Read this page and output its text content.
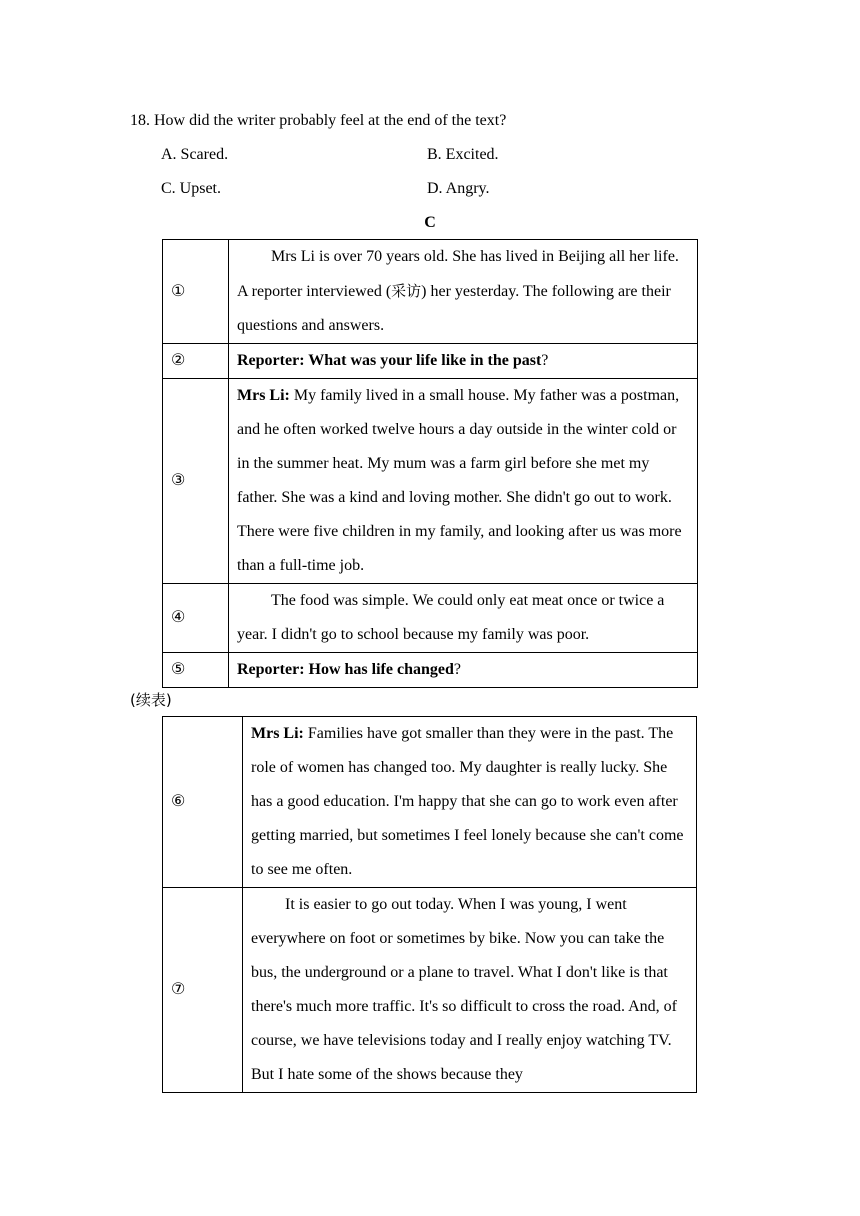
18. How did the writer probably feel at the end of the text?
A. Scared.	B. Excited.
C. Upset.	D. Angry.
C
①	Mrs Li is over 70 years old. She has lived in Beijing all her life. A reporter interviewed (采访) her yesterday. The following are their questions and answers.

②	Reporter: What was your life like in the past?
③	Mrs Li: My family lived in a small house. My father was a postman, and he often worked twelve hours a day outside in the winter cold or in the summer heat. My mum was a farm girl before she met my father. She was a kind and loving mother. She didn't go out to work. There were five children in my family, and looking after us was more than a full-time job.

④	The food was simple. We could only eat meat once or twice a year. I didn't go to school because my family was poor.

⑤	Reporter: How has life changed?
(续表)
⑥	Mrs Li: Families have got smaller than they were in the past. The role of women has changed too. My daughter is really lucky. She has a good education. I'm happy that she can go to work even after getting married, but sometimes I feel lonely because she can't come to see me often.

⑦	It is easier to go out today. When I was young, I went everywhere on foot or sometimes by bike. Now you can take the bus, the underground or a plane to travel. What I don't like is that there's much more traffic. It's so difficult to cross the road. And, of course, we have televisions today and I really enjoy watching TV. But I hate some of the shows because they
